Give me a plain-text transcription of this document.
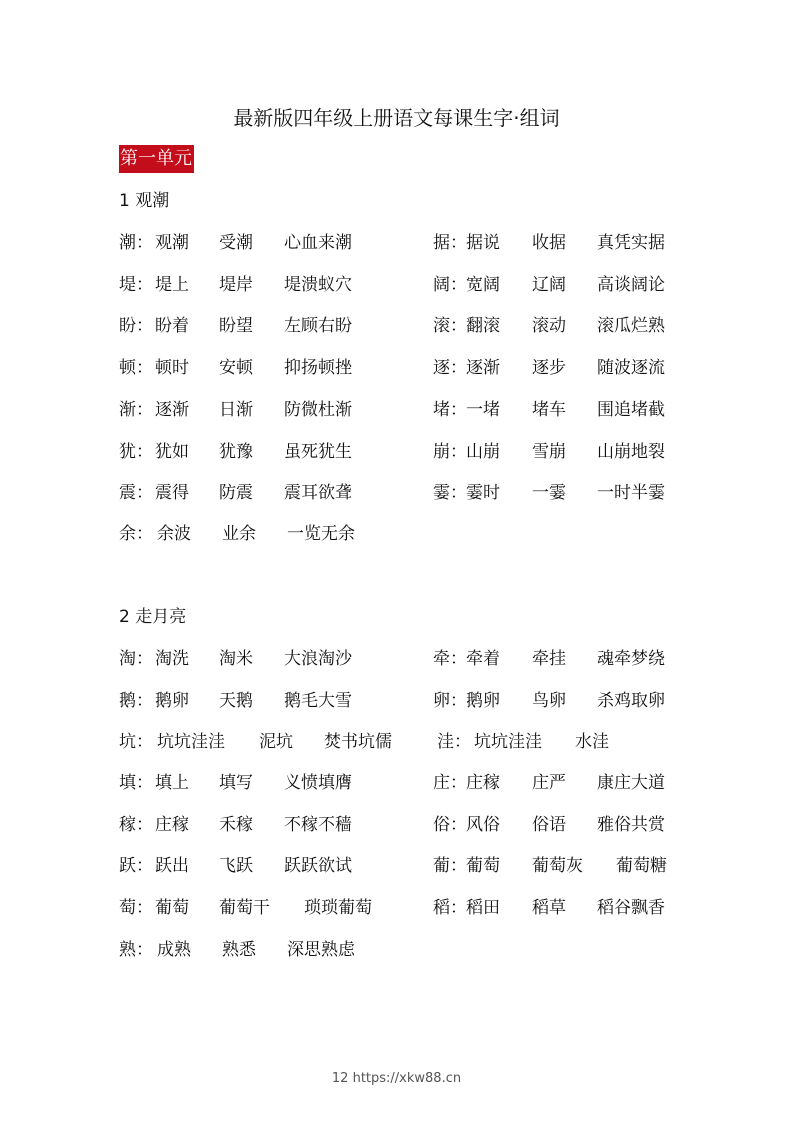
最新版四年级上册语文每课生字·组词
第一单元
1 观潮
2 走月亮
12 https://xkw88.cn
潮： 观潮 受潮 心血来潮	据： 据说 收据 真凭实据
堤： 堤上 堤岸 堤溃蚁穴	阔： 宽阔 辽阔 高谈阔论
盼： 盼着 盼望 左顾右盼	滚： 翻滚 滚动 滚瓜烂熟
顿： 顿时 安顿 抑扬顿挫	逐： 逐渐 逐步 随波逐流
渐： 逐渐 日渐 防微杜渐	堵： 一堵 堵车 围追堵截
犹： 犹如 犹豫 虽死犹生	崩： 山崩 雪崩 山崩地裂
震： 震得 防震 震耳欲聋	霎： 霎时 一霎 一时半霎
余： 余波 业余 一览无余
淘： 淘洗 淘米 大浪淘沙	牵： 牵着 牵挂 魂牵梦绕
鹅： 鹅卵 天鹅 鹅毛大雪	卵： 鹅卵 鸟卵 杀鸡取卵
坑： 坑坑洼洼 泥坑 焚书坑儒	洼： 坑坑洼洼 水洼
填： 填上 填写 义愤填膺	庄： 庄稼 庄严 康庄大道
稼： 庄稼 禾稼 不稼不穑	俗： 风俗 俗语 雅俗共赏
跃： 跃出 飞跃 跃跃欲试	葡： 葡萄 葡萄灰 葡萄糖
萄： 葡萄 葡萄干 琐琐葡萄	稻： 稻田 稻草 稻谷飘香
熟： 成熟 熟悉 深思熟虑
